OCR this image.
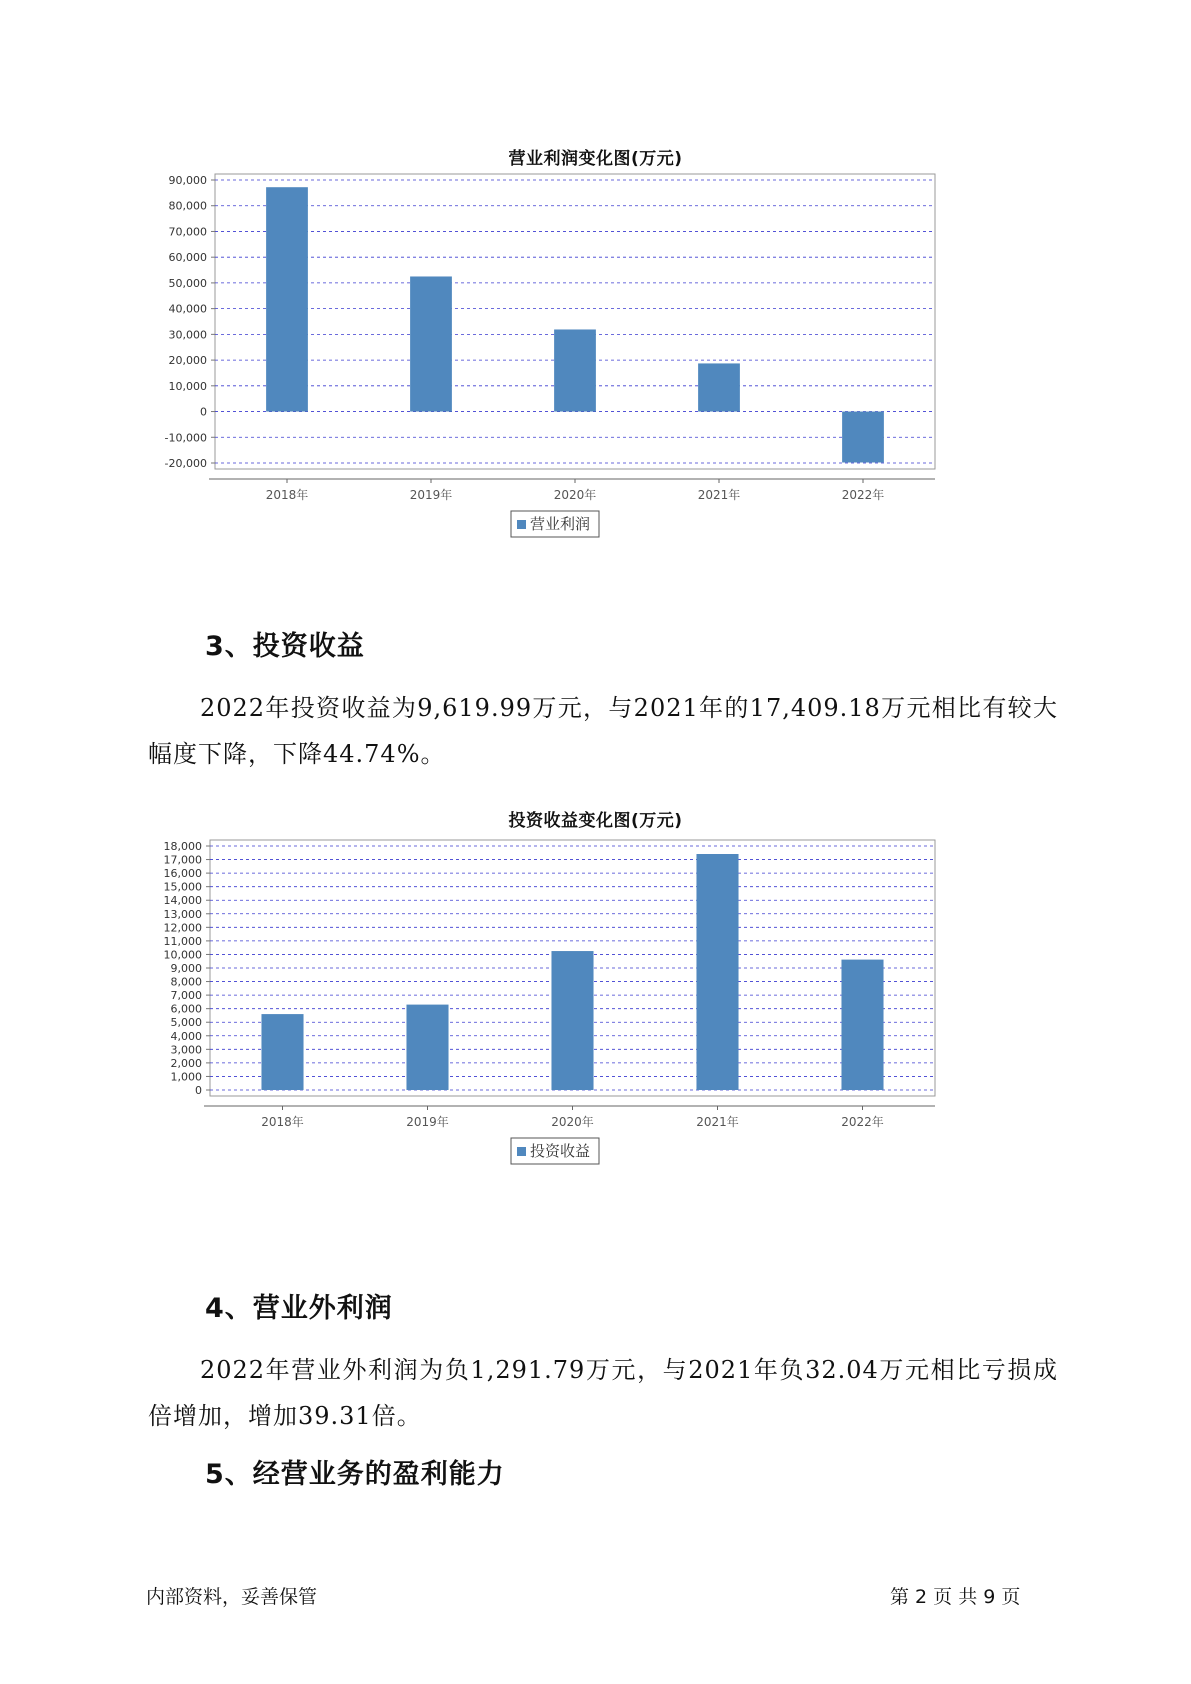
营业利润变化图(万元)
-20,000
-10,000
0
10,000
20,000
30,000
40,000
50,000
60,000
70,000
80,000
90,000
2018年	2019年	2020年	2021年	2022年
营业利润
3、投资收益

2022年投资收益为9,619.99万元，与2021年的17,409.18万元相比有较大幅度下降，下降44.74%。

投资收益变化图(万元)
0
1,000
2,000
3,000
4,000
5,000
6,000
7,000
8,000
9,000
10,000
11,000
12,000
13,000
14,000
15,000
16,000
17,000
18,000
2018年	2019年	2020年	2021年	2022年
投资收益
4、营业外利润

2022年营业外利润为负1,291.79万元，与2021年负32.04万元相比亏损成倍增加，增加39.31倍。

5、经营业务的盈利能力
内部资料，妥善保管	第 2 页 共 9 页
